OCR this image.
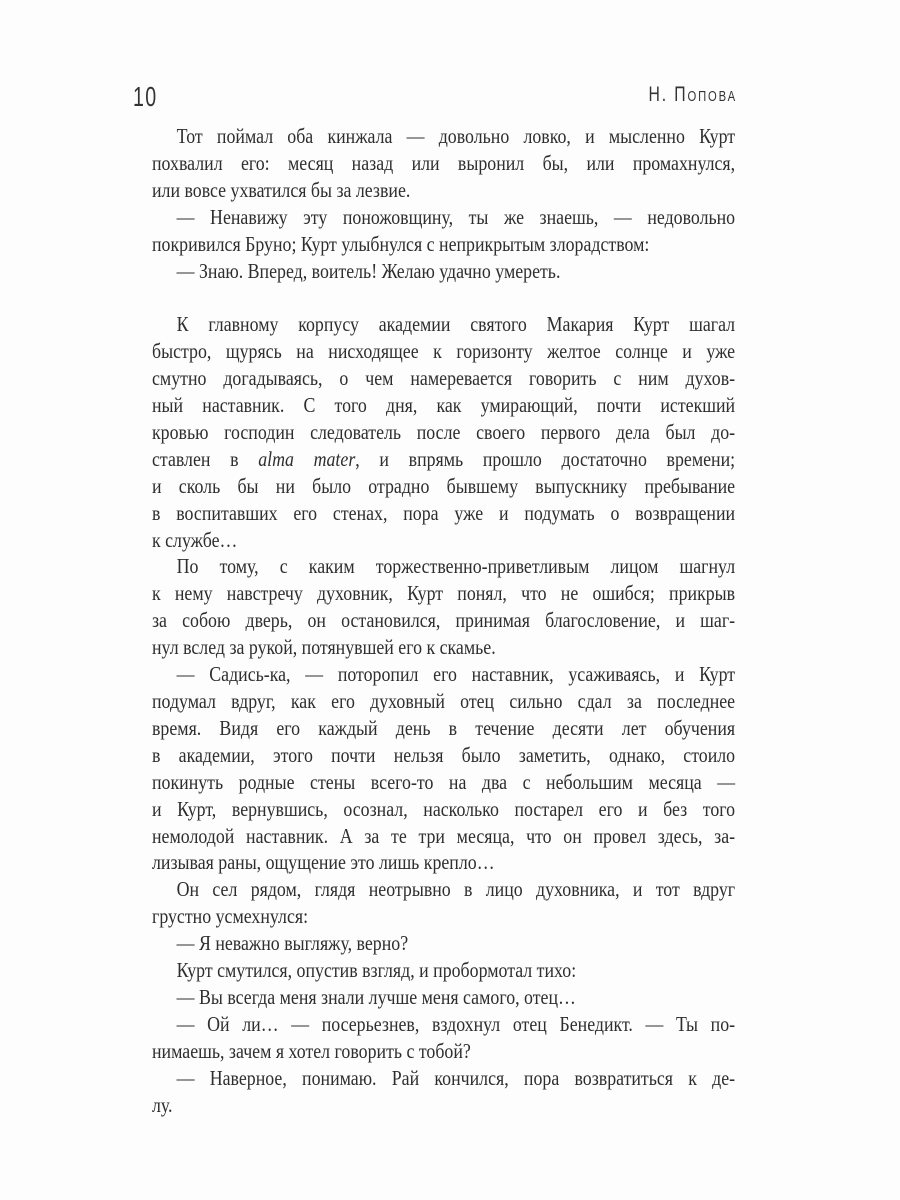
10	Н. Попова
Тот поймал оба кинжала — довольно ловко, и мысленно Курт
похвалил его: месяц назад или выронил бы, или промахнулся,
или вовсе ухватился бы за лезвие.
— Ненавижу эту поножовщину, ты же знаешь, — недовольно
покривился Бруно; Курт улыбнулся с неприкрытым злорадством:
— Знаю. Вперед, воитель! Желаю удачно умереть.
К главному корпусу академии святого Макария Курт шагал
быстро, щурясь на нисходящее к горизонту желтое солнце и уже
смутно догадываясь, о чем намеревается говорить с ним духов-
ный наставник. С того дня, как умирающий, почти истекший
кровью господин следователь после своего первого дела был до-
ставлен в alma mater, и впрямь прошло достаточно времени;
и сколь бы ни было отрадно бывшему выпускнику пребывание
в воспитавших его стенах, пора уже и подумать о возвращении
к службе…
По тому, с каким торжественно-приветливым лицом шагнул
к нему навстречу духовник, Курт понял, что не ошибся; прикрыв
за собою дверь, он остановился, принимая благословение, и шаг-
нул вслед за рукой, потянувшей его к скамье.
— Садись-ка, — поторопил его наставник, усаживаясь, и Курт
подумал вдруг, как его духовный отец сильно сдал за последнее
время. Видя его каждый день в течение десяти лет обучения
в академии, этого почти нельзя было заметить, однако, стоило
покинуть родные стены всего-то на два с небольшим месяца —
и Курт, вернувшись, осознал, насколько постарел его и без того
немолодой наставник. А за те три месяца, что он провел здесь, за-
лизывая раны, ощущение это лишь крепло…
Он сел рядом, глядя неотрывно в лицо духовника, и тот вдруг
грустно усмехнулся:
— Я неважно выгляжу, верно?
Курт смутился, опустив взгляд, и пробормотал тихо:
— Вы всегда меня знали лучше меня самого, отец…
— Ой ли… — посерьезнев, вздохнул отец Бенедикт. — Ты по-
нимаешь, зачем я хотел говорить с тобой?
— Наверное, понимаю. Рай кончился, пора возвратиться к де-
лу.
